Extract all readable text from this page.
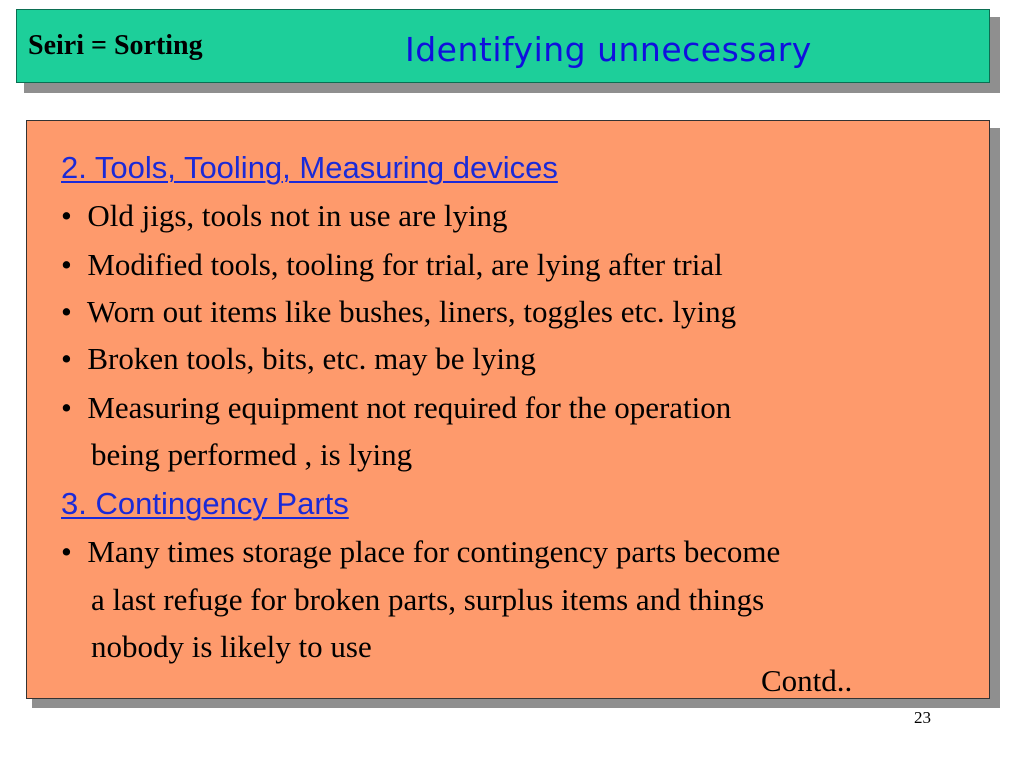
Seiri = Sorting	Identifying unnecessary
2. Tools, Tooling, Measuring devices
•  Old jigs, tools not in use are lying
•  Modified tools, tooling for trial, are lying after trial
•  Worn out items like bushes, liners, toggles etc. lying
•  Broken tools, bits, etc. may be lying
•  Measuring equipment not required for the operation
being performed , is lying
3. Contingency Parts
•  Many times storage place for contingency parts become
a last refuge for broken parts, surplus items and things
nobody is likely to use
Contd..
23
